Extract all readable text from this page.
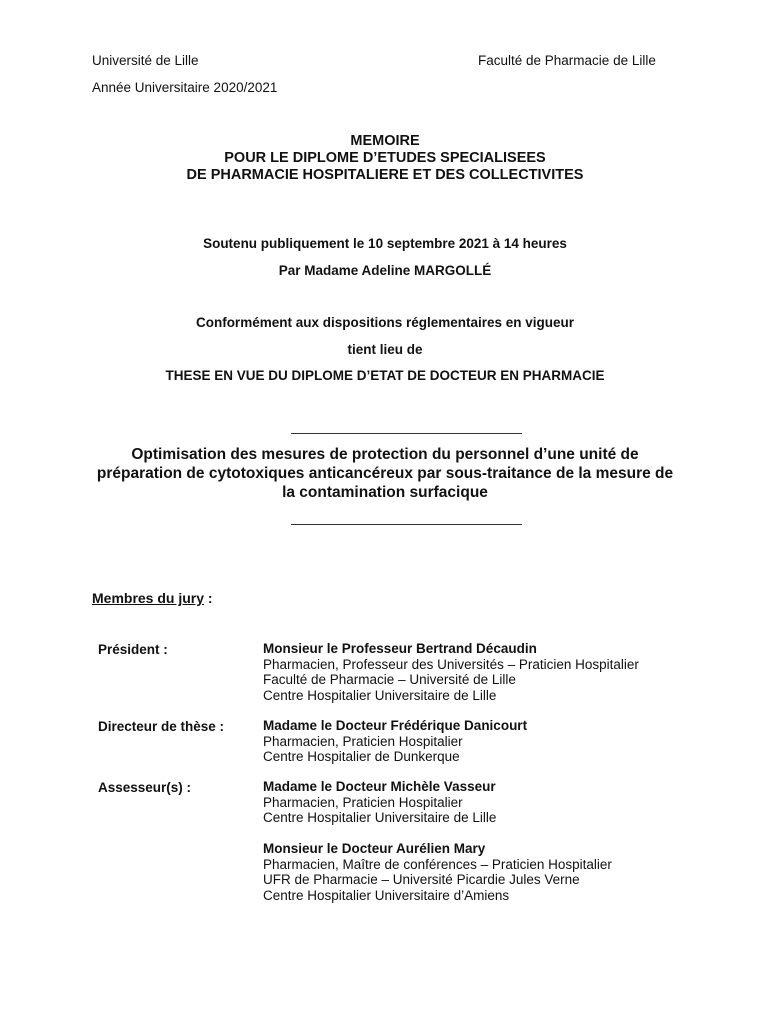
Université de Lille	Faculté de Pharmacie de Lille
Année Universitaire 2020/2021
MEMOIRE
POUR LE DIPLOME D’ETUDES SPECIALISEES
DE PHARMACIE HOSPITALIERE ET DES COLLECTIVITES
Soutenu publiquement le 10 septembre 2021 à 14 heures
Par Madame Adeline MARGOLLÉ
Conformément aux dispositions réglementaires en vigueur
tient lieu de
THESE EN VUE DU DIPLOME D’ETAT DE DOCTEUR EN PHARMACIE
Optimisation des mesures de protection du personnel d’une unité de
préparation de cytotoxiques anticancéreux par sous-traitance de la mesure de
la contamination surfacique
Membres du jury :
Président :	Monsieur le Professeur Bertrand Décaudin
Pharmacien, Professeur des Universités – Praticien Hospitalier
Faculté de Pharmacie – Université de Lille
Centre Hospitalier Universitaire de Lille
Directeur de thèse :	Madame le Docteur Frédérique Danicourt
Pharmacien, Praticien Hospitalier
Centre Hospitalier de Dunkerque
Assesseur(s) :	Madame le Docteur Michèle Vasseur
Pharmacien, Praticien Hospitalier
Centre Hospitalier Universitaire de Lille
Monsieur le Docteur Aurélien Mary
Pharmacien, Maître de conférences – Praticien Hospitalier
UFR de Pharmacie – Université Picardie Jules Verne
Centre Hospitalier Universitaire d’Amiens
